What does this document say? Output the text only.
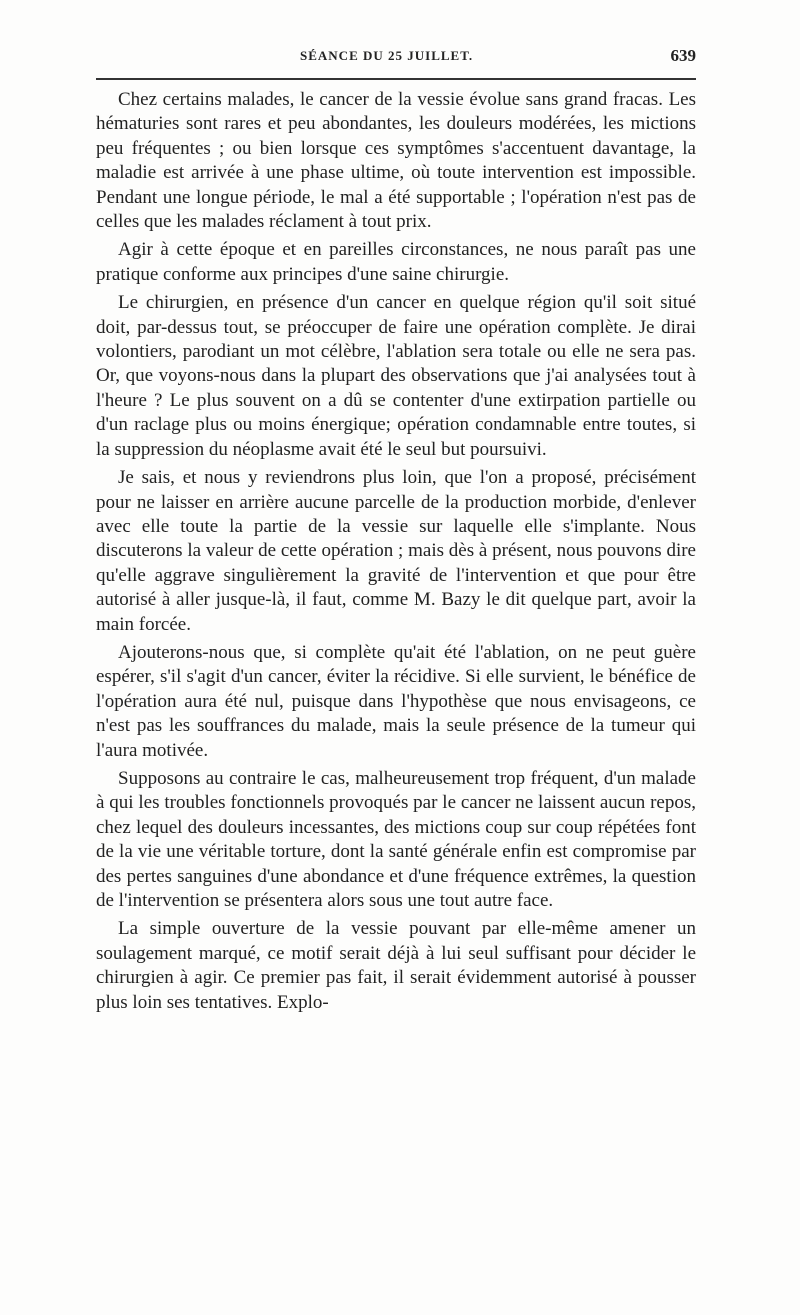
SÉANCE DU 25 JUILLET.	639

Chez certains malades, le cancer de la vessie évolue sans grand fracas. Les hématuries sont rares et peu abondantes, les douleurs modérées, les mictions peu fréquentes ; ou bien lorsque ces symptômes s'accentuent davantage, la maladie est arrivée à une phase ultime, où toute intervention est impossible. Pendant une longue période, le mal a été supportable ; l'opération n'est pas de celles que les malades réclament à tout prix.

Agir à cette époque et en pareilles circonstances, ne nous paraît pas une pratique conforme aux principes d'une saine chirurgie.

Le chirurgien, en présence d'un cancer en quelque région qu'il soit situé doit, par-dessus tout, se préoccuper de faire une opération complète. Je dirai volontiers, parodiant un mot célèbre, l'ablation sera totale ou elle ne sera pas. Or, que voyons-nous dans la plupart des observations que j'ai analysées tout à l'heure ? Le plus souvent on a dû se contenter d'une extirpation partielle ou d'un raclage plus ou moins énergique; opération condamnable entre toutes, si la suppression du néoplasme avait été le seul but poursuivi.

Je sais, et nous y reviendrons plus loin, que l'on a proposé, précisément pour ne laisser en arrière aucune parcelle de la production morbide, d'enlever avec elle toute la partie de la vessie sur laquelle elle s'implante. Nous discuterons la valeur de cette opération ; mais dès à présent, nous pouvons dire qu'elle aggrave singulièrement la gravité de l'intervention et que pour être autorisé à aller jusque-là, il faut, comme M. Bazy le dit quelque part, avoir la main forcée.

Ajouterons-nous que, si complète qu'ait été l'ablation, on ne peut guère espérer, s'il s'agit d'un cancer, éviter la récidive. Si elle survient, le bénéfice de l'opération aura été nul, puisque dans l'hypothèse que nous envisageons, ce n'est pas les souffrances du malade, mais la seule présence de la tumeur qui l'aura motivée.

Supposons au contraire le cas, malheureusement trop fréquent, d'un malade à qui les troubles fonctionnels provoqués par le cancer ne laissent aucun repos, chez lequel des douleurs incessantes, des mictions coup sur coup répétées font de la vie une véritable torture, dont la santé générale enfin est compromise par des pertes sanguines d'une abondance et d'une fréquence extrêmes, la question de l'intervention se présentera alors sous une tout autre face.

La simple ouverture de la vessie pouvant par elle-même amener un soulagement marqué, ce motif serait déjà à lui seul suffisant pour décider le chirurgien à agir. Ce premier pas fait, il serait évidemment autorisé à pousser plus loin ses tentatives. Explo-
